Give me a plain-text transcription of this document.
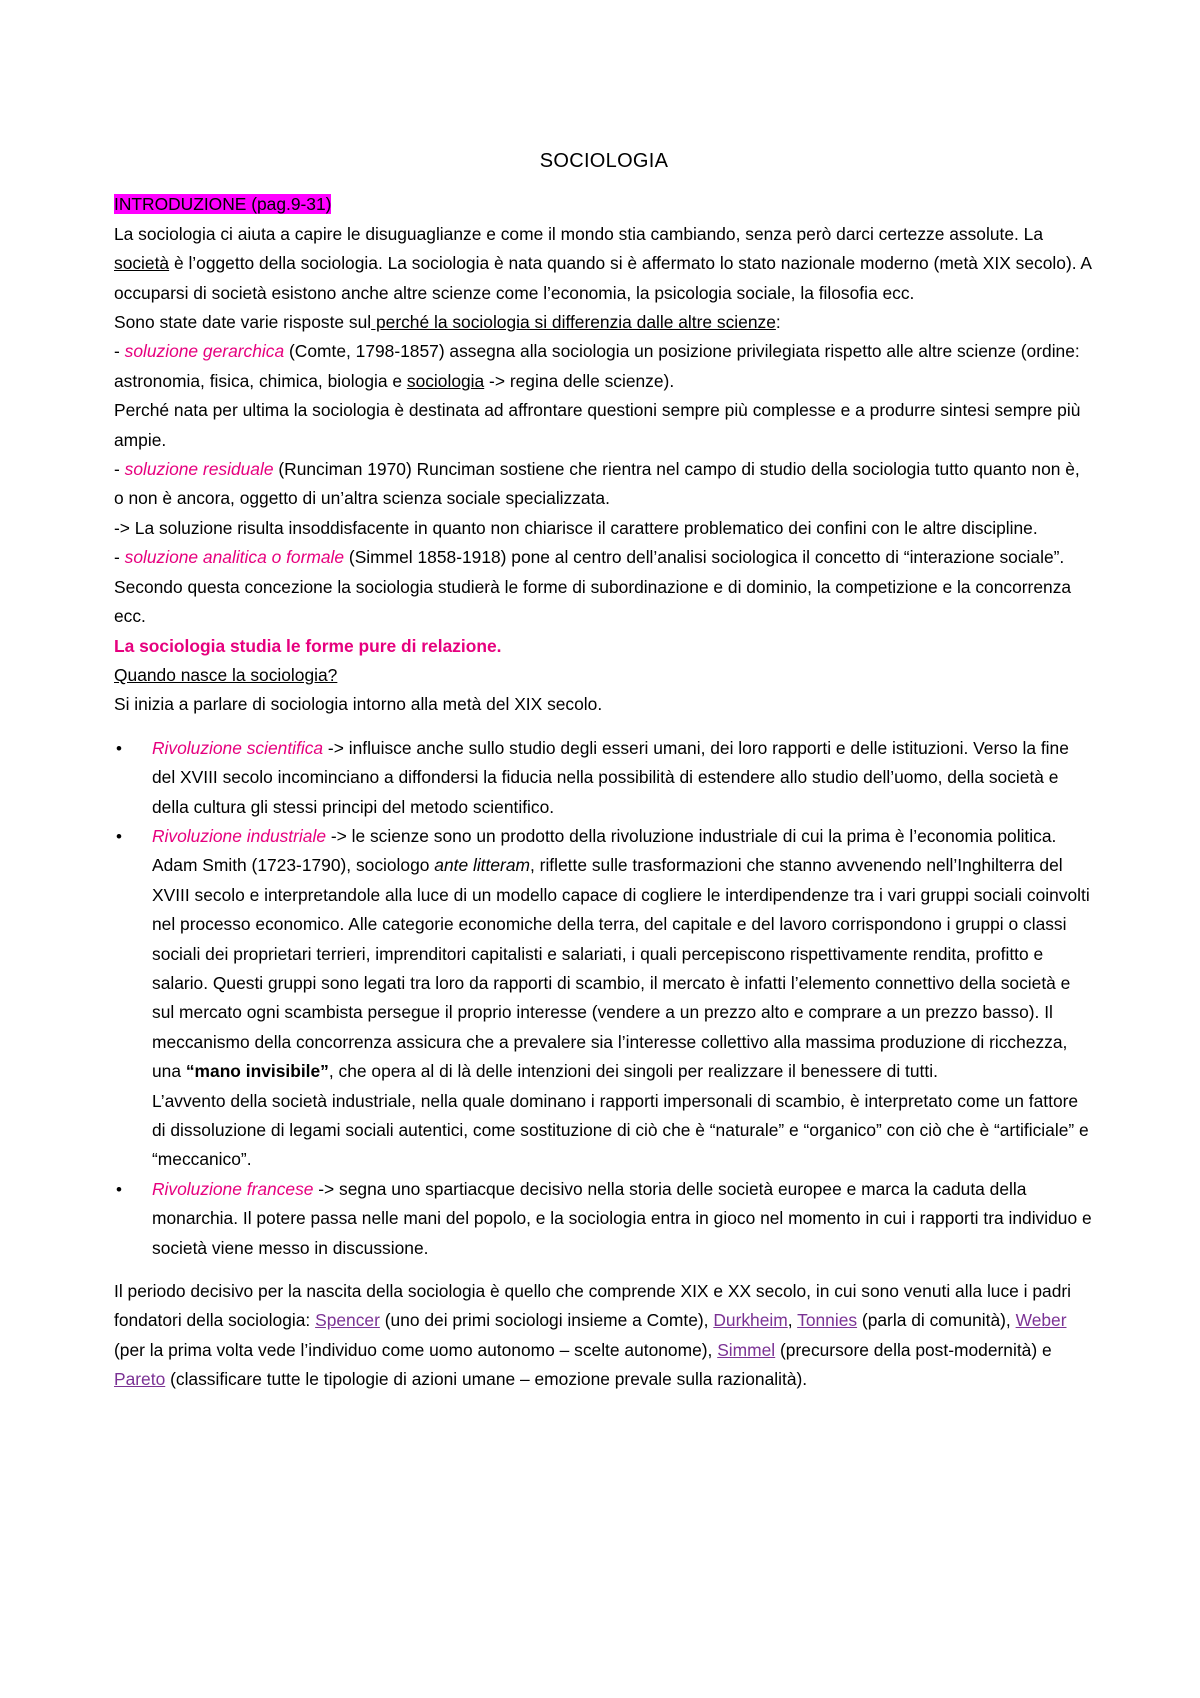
SOCIOLOGIA

INTRODUZIONE (pag.9-31)

La sociologia ci aiuta a capire le disuguaglianze e come il mondo stia cambiando, senza però darci certezze assolute. La società è l’oggetto della sociologia. La sociologia è nata quando si è affermato lo stato nazionale moderno (metà XIX secolo). A occuparsi di società esistono anche altre scienze come l’economia, la psicologia sociale, la filosofia ecc.

Sono state date varie risposte sul perché la sociologia si differenzia dalle altre scienze:

- soluzione gerarchica (Comte, 1798-1857) assegna alla sociologia un posizione privilegiata rispetto alle altre scienze (ordine: astronomia, fisica, chimica, biologia e sociologia -> regina delle scienze).

Perché nata per ultima la sociologia è destinata ad affrontare questioni sempre più complesse e a produrre sintesi sempre più ampie.

- soluzione residuale (Runciman 1970) Runciman sostiene che rientra nel campo di studio della sociologia tutto quanto non è, o non è ancora, oggetto di un’altra scienza sociale specializzata.

-> La soluzione risulta insoddisfacente in quanto non chiarisce il carattere problematico dei confini con le altre discipline.

- soluzione analitica o formale (Simmel 1858-1918) pone al centro dell’analisi sociologica il concetto di “interazione sociale”. Secondo questa concezione la sociologia studierà le forme di subordinazione e di dominio, la competizione e la concorrenza ecc.

La sociologia studia le forme pure di relazione.

Quando nasce la sociologia?

Si inizia a parlare di sociologia intorno alla metà del XIX secolo.

• Rivoluzione scientifica -> influisce anche sullo studio degli esseri umani, dei loro rapporti e delle istituzioni. Verso la fine del XVIII secolo incominciano a diffondersi la fiducia nella possibilità di estendere allo studio dell’uomo, della società e della cultura gli stessi principi del metodo scientifico.
• Rivoluzione industriale -> le scienze sono un prodotto della rivoluzione industriale di cui la prima è l’economia politica.
Adam Smith (1723-1790), sociologo ante litteram, riflette sulle trasformazioni che stanno avvenendo nell’Inghilterra del XVIII secolo e interpretandole alla luce di un modello capace di cogliere le interdipendenze tra i vari gruppi sociali coinvolti nel processo economico. Alle categorie economiche della terra, del capitale e del lavoro corrispondono i gruppi o classi sociali dei proprietari terrieri, imprenditori capitalisti e salariati, i quali percepiscono rispettivamente rendita, profitto e salario. Questi gruppi sono legati tra loro da rapporti di scambio, il mercato è infatti l’elemento connettivo della società e sul mercato ogni scambista persegue il proprio interesse (vendere a un prezzo alto e comprare a un prezzo basso). Il meccanismo della concorrenza assicura che a prevalere sia l’interesse collettivo alla massima produzione di ricchezza, una “mano invisibile”, che opera al di là delle intenzioni dei singoli per realizzare il benessere di tutti.
L’avvento della società industriale, nella quale dominano i rapporti impersonali di scambio, è interpretato come un fattore di dissoluzione di legami sociali autentici, come sostituzione di ciò che è “naturale” e “organico” con ciò che è “artificiale” e “meccanico”.
• Rivoluzione francese -> segna uno spartiacque decisivo nella storia delle società europee e marca la caduta della monarchia. Il potere passa nelle mani del popolo, e la sociologia entra in gioco nel momento in cui i rapporti tra individuo e società viene messo in discussione.

Il periodo decisivo per la nascita della sociologia è quello che comprende XIX e XX secolo, in cui sono venuti alla luce i padri fondatori della sociologia: Spencer (uno dei primi sociologi insieme a Comte), Durkheim, Tonnies (parla di comunità), Weber (per la prima volta vede l’individuo come uomo autonomo – scelte autonome), Simmel (precursore della post-modernità) e Pareto (classificare tutte le tipologie di azioni umane – emozione prevale sulla razionalità).
